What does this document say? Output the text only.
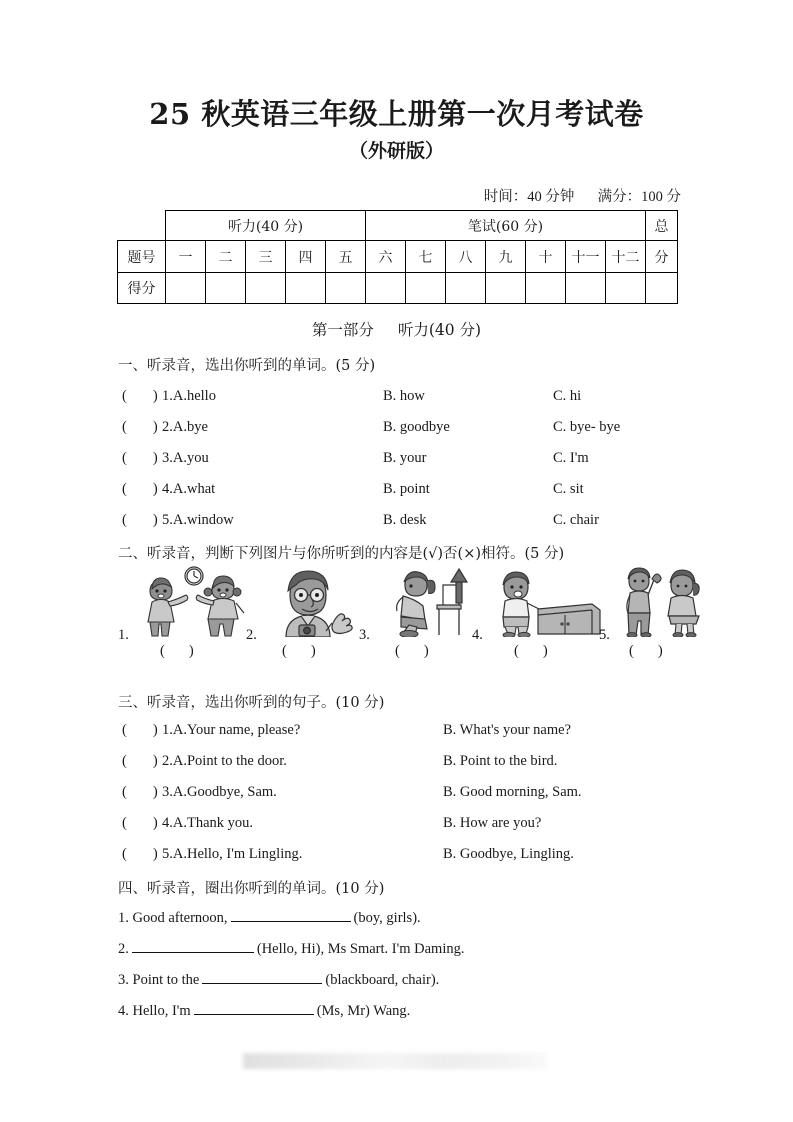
25 秋英语三年级上册第一次月考试卷
（外研版）
时间：40 分钟 满分：100 分
	听力(40 分)					笔试(60 分)							总
题号	一	二	三	四	五	六	七	八	九	十	十一	十二	分
得分													
第一部分 听力(40 分)
一、听录音，选出你听到的单词。(5 分)
( ) 1.A.hello	B. how	C. hi
( ) 2.A.bye	B. goodbye	C. bye- bye
( ) 3.A.you	B. your	C. I'm
( ) 4.A.what	B. point	C. sit
( ) 5.A.window	B. desk	C. chair
二、听录音，判断下列图片与你所听到的内容是(√)否(×)相符。(5 分)
1.
( )
2.
( )
3.
( )
4.
( )
5.
( )
三、听录音，选出你听到的句子。(10 分)
( ) 1.A.Your name, please?	B. What's your name?
( ) 2.A.Point to the door.	B. Point to the bird.
( ) 3.A.Goodbye, Sam.	B. Good morning, Sam.
( ) 4.A.Thank you.	B. How are you?
( ) 5.A.Hello, I'm Lingling.	B. Goodbye, Lingling.
四、听录音，圈出你听到的单词。(10 分)
1. Good afternoon,	(boy, girls).
2.	(Hello, Hi), Ms Smart. I'm Daming.
3. Point to the	(blackboard, chair).
4. Hello, I'm	(Ms, Mr) Wang.
